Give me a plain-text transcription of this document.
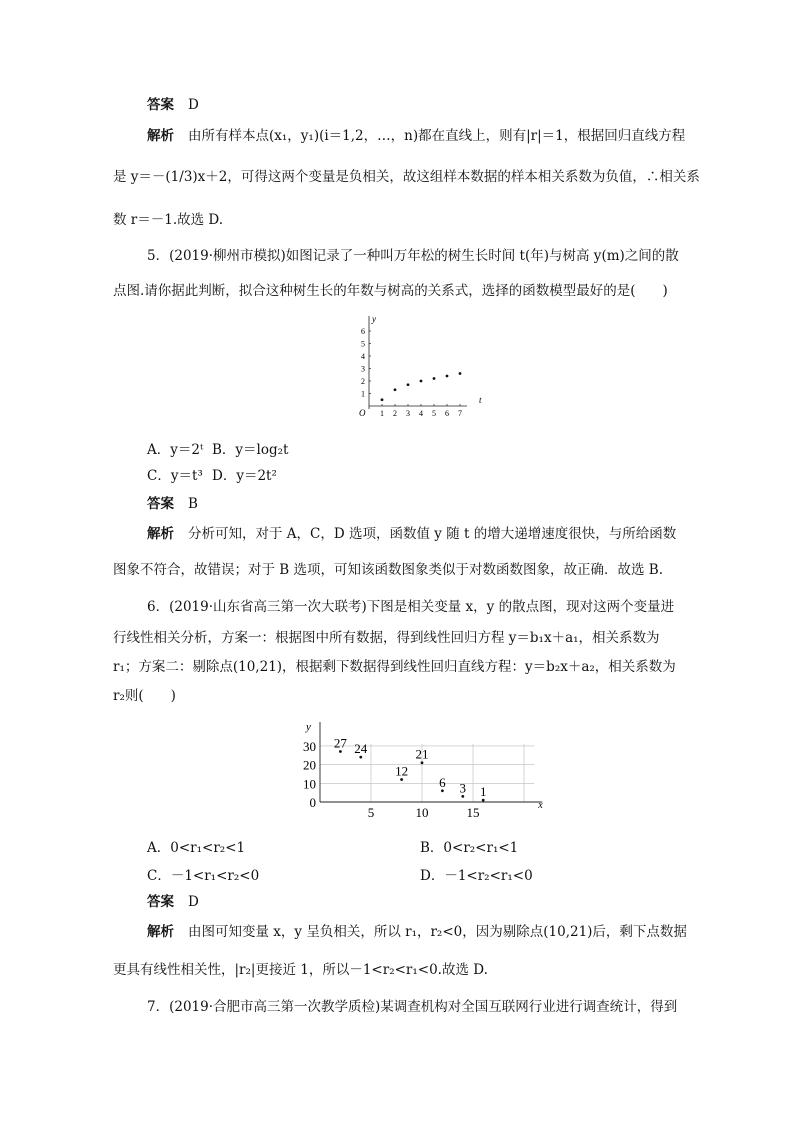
答案 D
解析 由所有样本点(x₁，y₁)(i＝1,2，…，n)都在直线上，则有|r|＝1，根据回归直线方程
是 y＝－(1/3)x＋2，可得这两个变量是负相关，故这组样本数据的样本相关系数为负值，∴相关系
数 r＝－1.故选 D.
5．(2019·柳州市模拟)如图记录了一种叫万年松的树生长时间 t(年)与树高 y(m)之间的散
点图.请你据此判断，拟合这种树生长的年数与树高的关系式，选择的函数模型最好的是(　　)
t
y
O 1 2 3 4 5 6 7
1
2
3
4
5
6
A．y＝2ᵗ B．y＝log₂t
C．y＝t³ D．y＝2t²
答案 B
解析 分析可知，对于 A，C，D 选项，函数值 y 随 t 的增大递增速度很快，与所给函数
图象不符合，故错误；对于 B 选项，可知该函数图象类似于对数函数图象，故正确．故选 B.
6．(2019·山东省高三第一次大联考)下图是相关变量 x，y 的散点图，现对这两个变量进
行线性相关分析，方案一：根据图中所有数据，得到线性回归方程 y＝b₁x＋a₁，相关系数为
r₁；方案二：剔除点(10,21)，根据剩下数据得到线性回归直线方程：y＝b₂x＋a₂，相关系数为
r₂则(　　)
x
y
5	10	15
0
10
20
30 27 24
12
21
6 3 1
A．0<r₁<r₂<1	B．0<r₂<r₁<1
C．－1<r₁<r₂<0	D．－1<r₂<r₁<0
答案 D
解析 由图可知变量 x，y 呈负相关，所以 r₁，r₂<0，因为剔除点(10,21)后，剩下点数据
更具有线性相关性，|r₂|更接近 1，所以－1<r₂<r₁<0.故选 D.
7．(2019·合肥市高三第一次教学质检)某调查机构对全国互联网行业进行调查统计，得到
